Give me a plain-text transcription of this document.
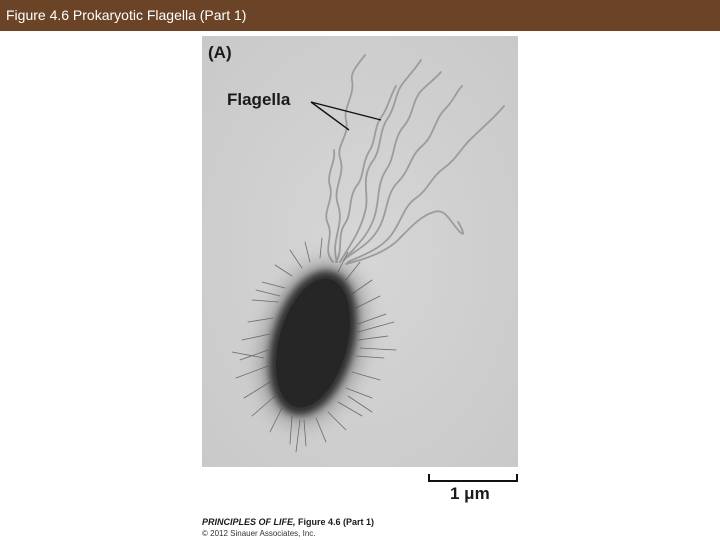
Figure 4.6 Prokaryotic Flagella (Part 1)
(A)
Flagella
1 μm
PRINCIPLES OF LIFE, Figure 4.6 (Part 1)
© 2012 Sinauer Associates, Inc.
